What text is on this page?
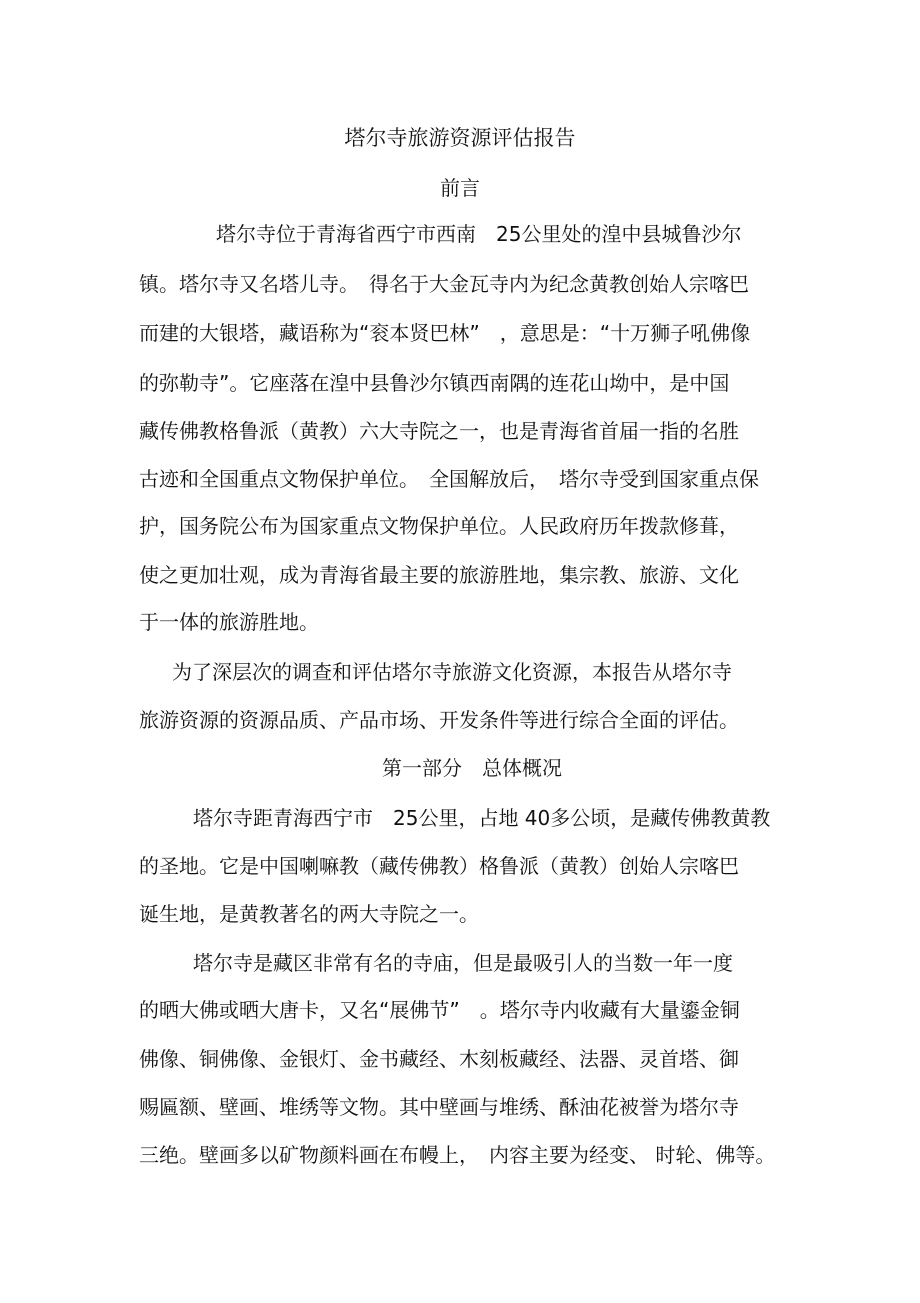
塔尔寺旅游资源评估报告
前言
塔尔寺位于青海省西宁市西南　25公里处的湟中县城鲁沙尔
镇。塔尔寺又名塔儿寺。　得名于大金瓦寺内为纪念黄教创始人宗喀巴
而建的大银塔，藏语称为“衮本贤巴林”　，意思是：“十万狮子吼佛像
的弥勒寺”。它座落在湟中县鲁沙尔镇西南隅的连花山坳中，是中国
藏传佛教格鲁派（黄教）六大寺院之一，也是青海省首届一指的名胜
古迹和全国重点文物保护单位。　全国解放后，　塔尔寺受到国家重点保
护，国务院公布为国家重点文物保护单位。人民政府历年拨款修葺，
使之更加壮观，成为青海省最主要的旅游胜地，集宗教、旅游、文化
于一体的旅游胜地。
为了深层次的调查和评估塔尔寺旅游文化资源，本报告从塔尔寺
旅游资源的资源品质、产品市场、开发条件等进行综合全面的评估。
第一部分　总体概况
塔尔寺距青海西宁市　25公里，占地 40多公顷，是藏传佛教黄教
的圣地。它是中国喇嘛教（藏传佛教）格鲁派（黄教）创始人宗喀巴
诞生地，是黄教著名的两大寺院之一。
塔尔寺是藏区非常有名的寺庙，但是最吸引人的当数一年一度
的晒大佛或晒大唐卡，又名“展佛节”　。塔尔寺内收藏有大量鎏金铜
佛像、铜佛像、金银灯、金书藏经、木刻板藏经、法器、灵首塔、御
赐匾额、壁画、堆绣等文物。其中壁画与堆绣、酥油花被誉为塔尔寺
三绝。壁画多以矿物颜料画在布幔上，　内容主要为经变、 时轮、佛等。
